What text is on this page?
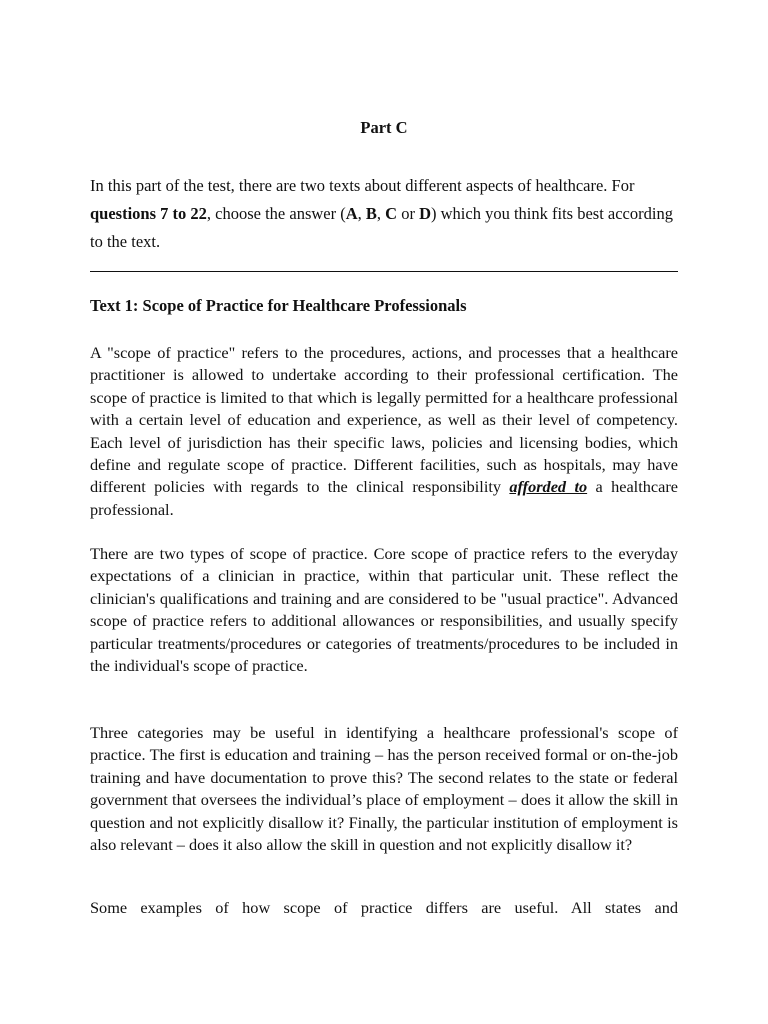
Part C

In this part of the test, there are two texts about different aspects of healthcare. For questions 7 to 22, choose the answer (A, B, C or D) which you think fits best according to the text.

Text 1: Scope of Practice for Healthcare Professionals

A "scope of practice" refers to the procedures, actions, and processes that a healthcare practitioner is allowed to undertake according to their professional certification. The scope of practice is limited to that which is legally permitted for a healthcare professional with a certain level of education and experience, as well as their level of competency. Each level of jurisdiction has their specific laws, policies and licensing bodies, which define and regulate scope of practice. Different facilities, such as hospitals, may have different policies with regards to the clinical responsibility afforded to a healthcare professional.

There are two types of scope of practice. Core scope of practice refers to the everyday expectations of a clinician in practice, within that particular unit. These reflect the clinician's qualifications and training and are considered to be "usual practice". Advanced scope of practice refers to additional allowances or responsibilities, and usually specify particular treatments/procedures or categories of treatments/procedures to be included in the individual's scope of practice.

Three categories may be useful in identifying a healthcare professional's scope of practice. The first is education and training – has the person received formal or on-the-job training and have documentation to prove this? The second relates to the state or federal government that oversees the individual’s place of employment – does it allow the skill in question and not explicitly disallow it? Finally, the particular institution of employment is also relevant – does it also allow the skill in question and not explicitly disallow it?

Some examples of how scope of practice differs are useful. All states and
